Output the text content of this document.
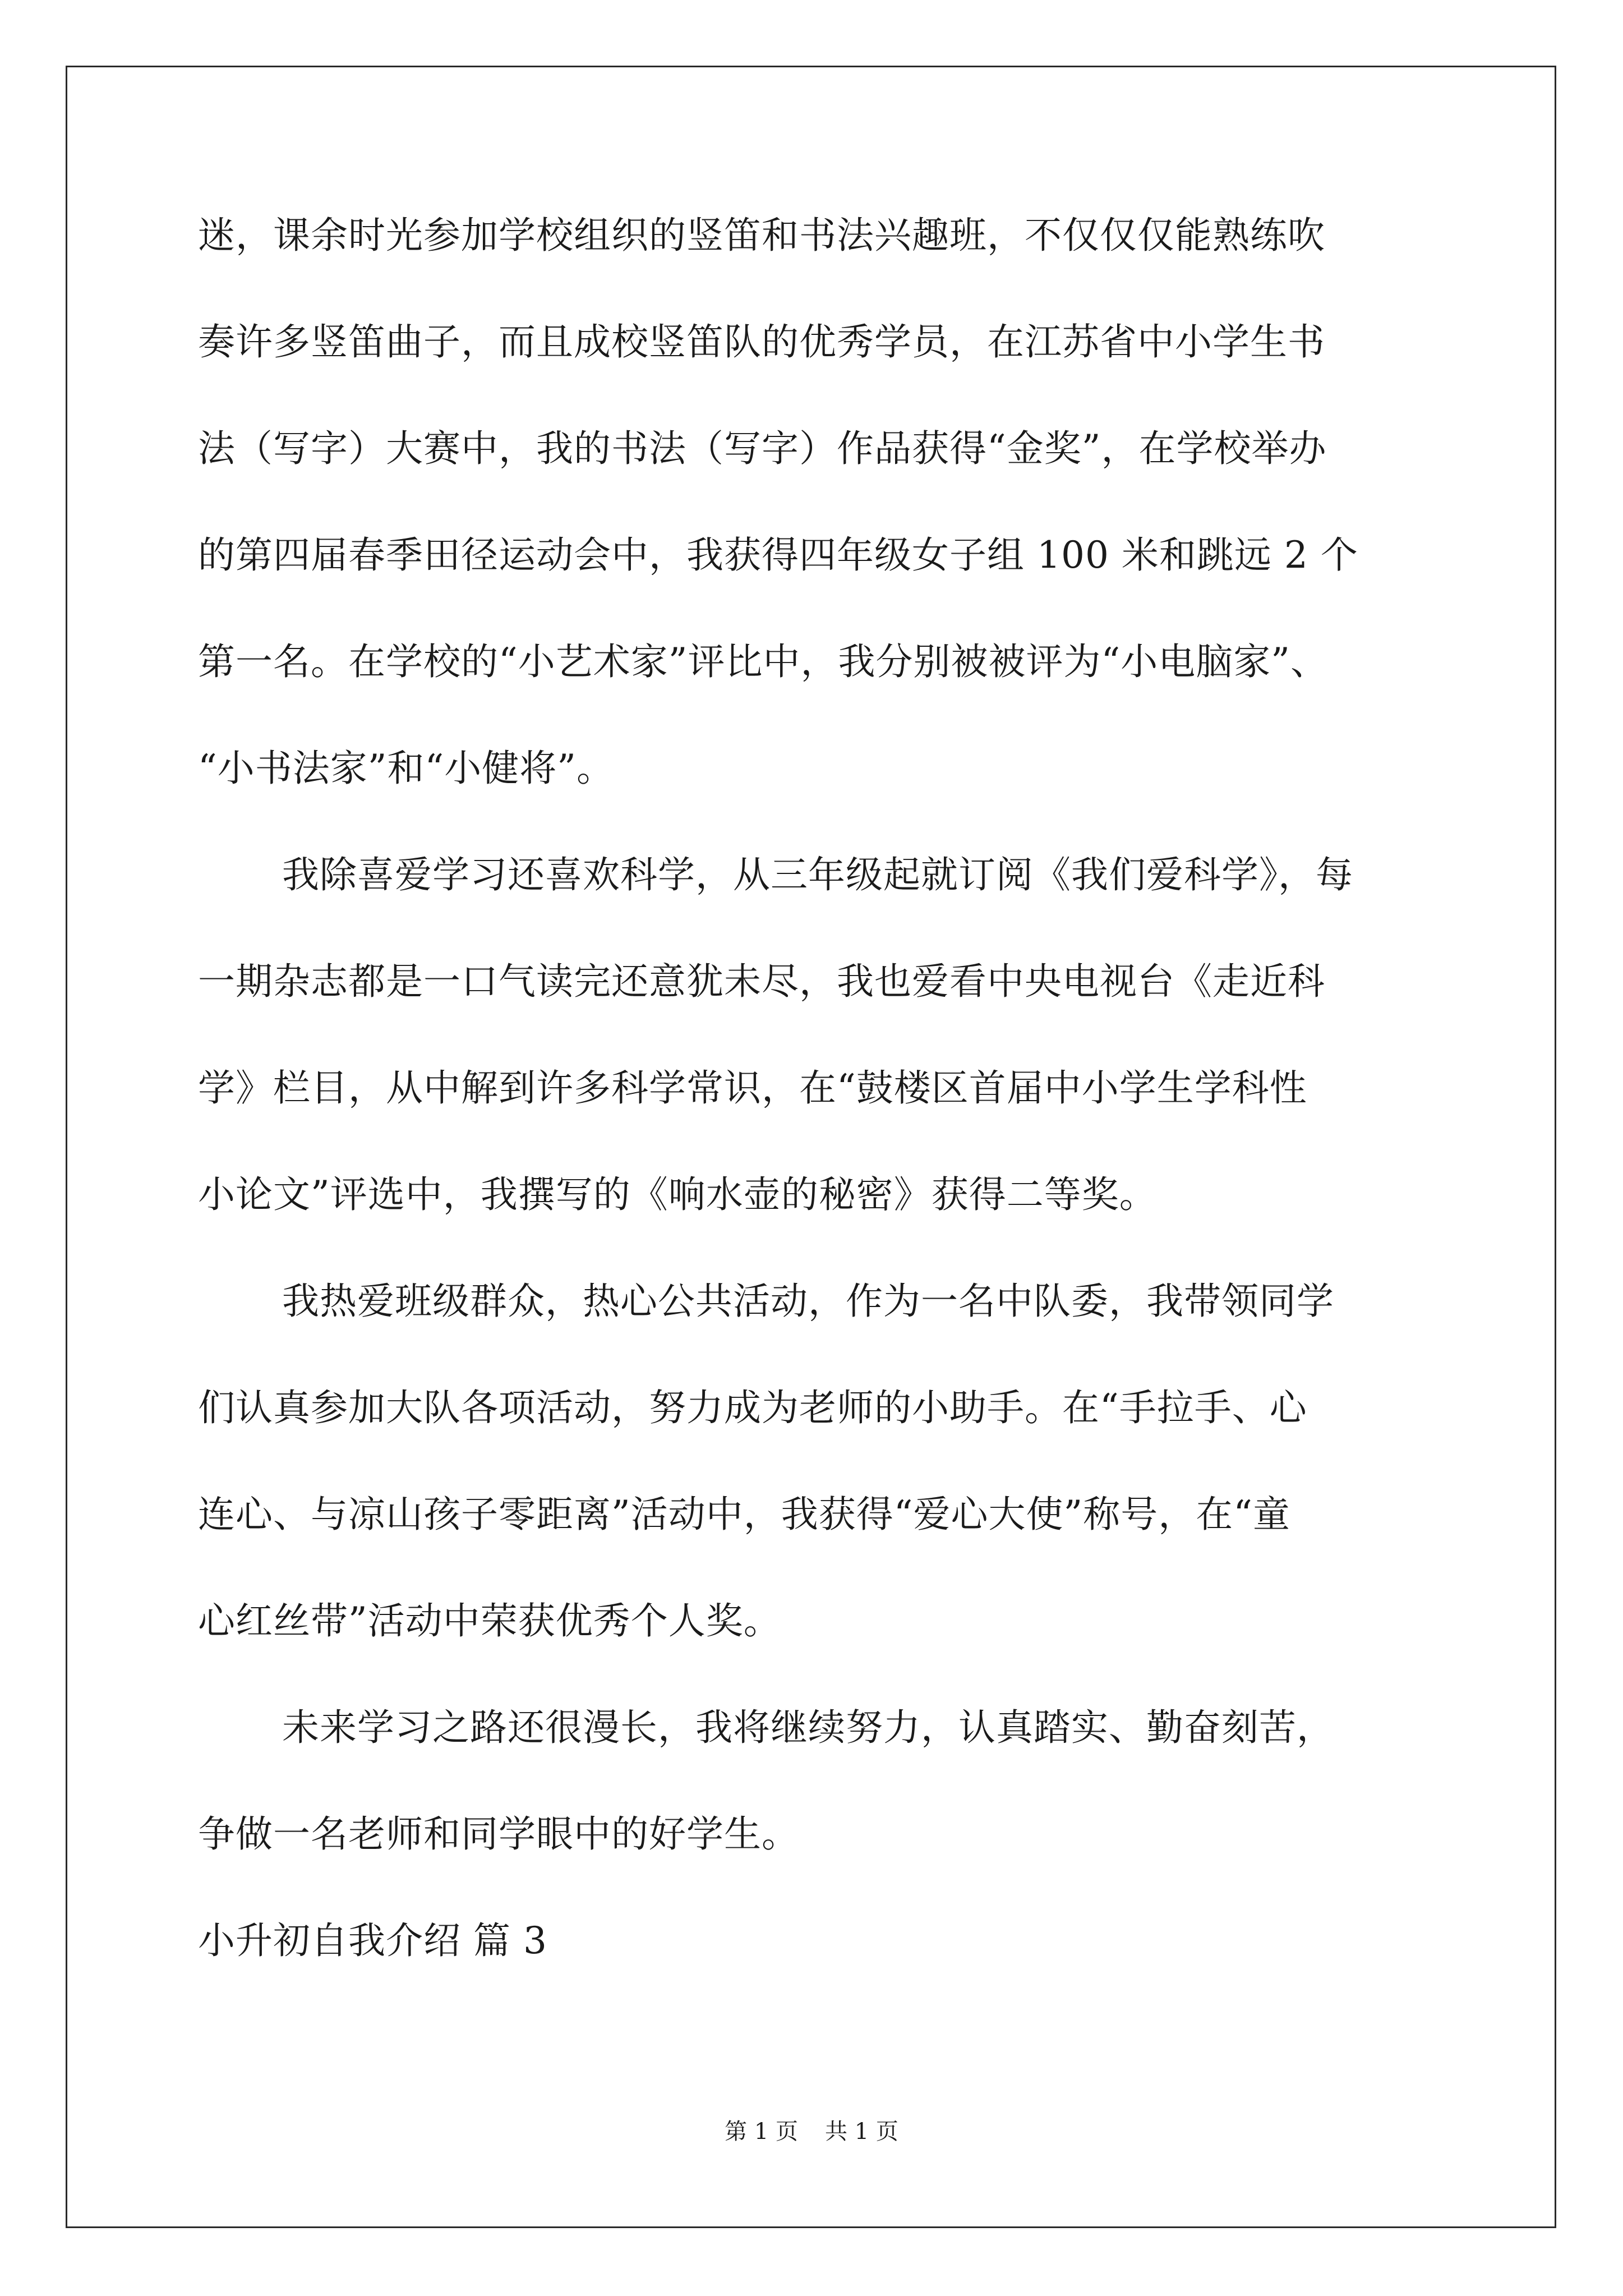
迷，课余时光参加学校组织的竖笛和书法兴趣班，不仅仅仅能熟练吹
奏许多竖笛曲子，而且成校竖笛队的优秀学员，在江苏省中小学生书
法（写字）大赛中，我的书法（写字）作品获得“金奖”，在学校举办
的第四届春季田径运动会中，我获得四年级女子组 100 米和跳远 2 个
第一名。在学校的“小艺术家”评比中，我分别被被评为“小电脑家”、
“小书法家”和“小健将”。
我除喜爱学习还喜欢科学，从三年级起就订阅《我们爱科学》，每
一期杂志都是一口气读完还意犹未尽，我也爱看中央电视台《走近科
学》栏目，从中解到许多科学常识，在“鼓楼区首届中小学生学科性
小论文”评选中，我撰写的《响水壶的秘密》获得二等奖。
我热爱班级群众，热心公共活动，作为一名中队委，我带领同学
们认真参加大队各项活动，努力成为老师的小助手。在“手拉手、心
连心、与凉山孩子零距离”活动中，我获得“爱心大使”称号，在“童
心红丝带”活动中荣获优秀个人奖。
未来学习之路还很漫长，我将继续努力，认真踏实、勤奋刻苦，
争做一名老师和同学眼中的好学生。
小升初自我介绍 篇 3
第 1 页 共 1 页
